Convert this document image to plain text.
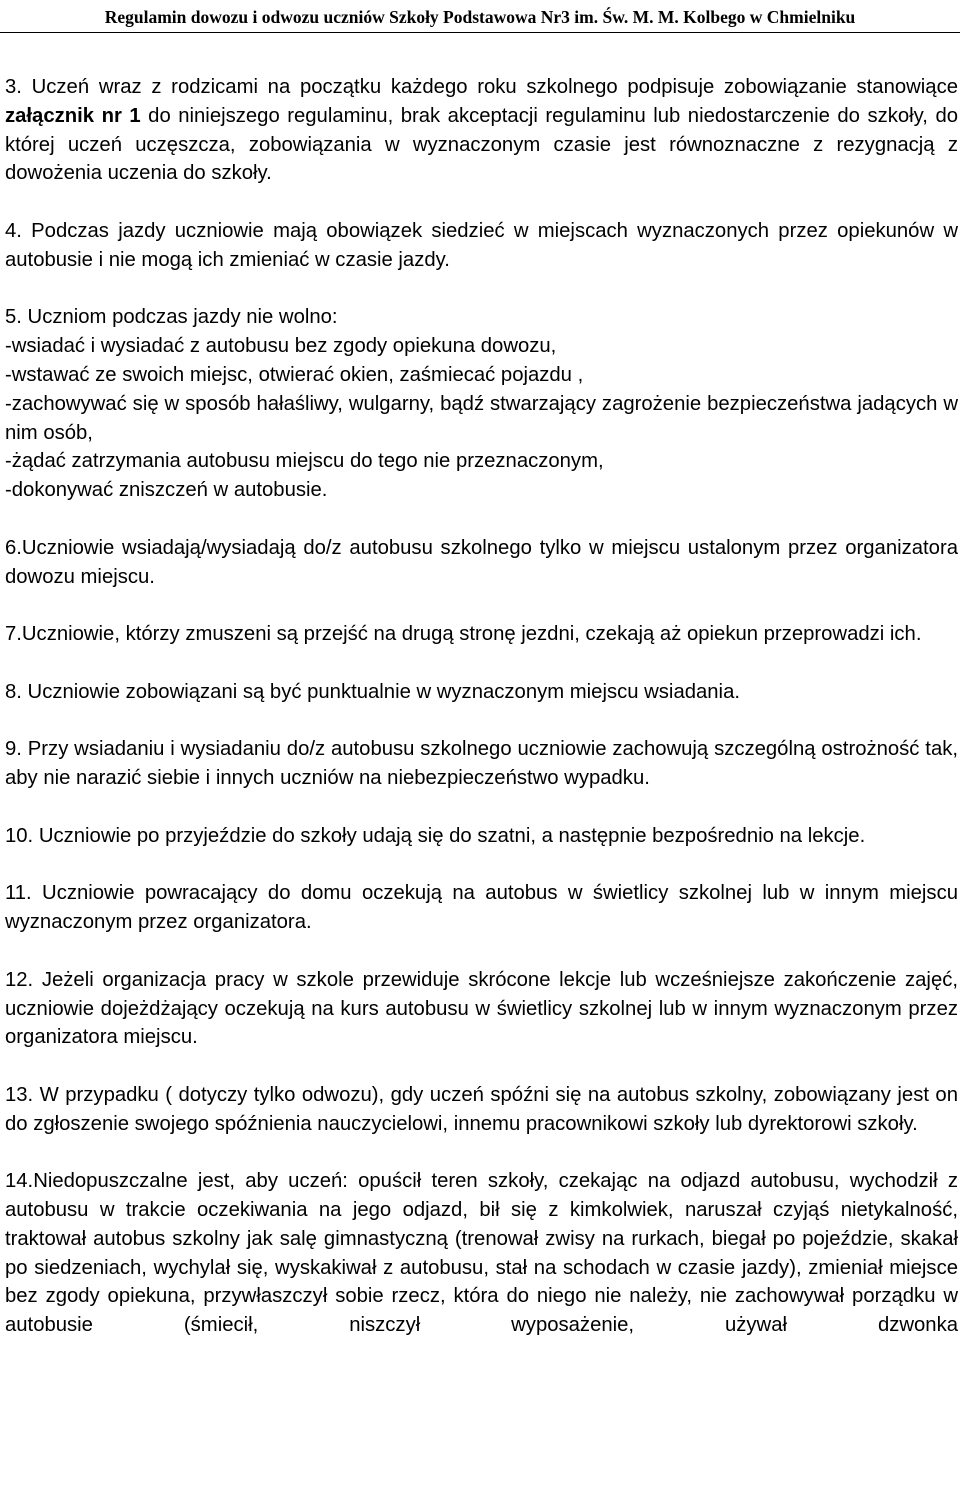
Regulamin dowozu i odwozu uczniów Szkoły Podstawowa Nr3 im. Św. M. M. Kolbego w Chmielniku

3. Uczeń wraz z rodzicami na początku każdego roku szkolnego podpisuje zobowiązanie stanowiące załącznik nr 1 do niniejszego regulaminu, brak akceptacji regulaminu lub niedostarczenie do szkoły, do której uczeń uczęszcza, zobowiązania w wyznaczonym czasie jest równoznaczne z rezygnacją z dowożenia uczenia do szkoły.

4. Podczas jazdy uczniowie mają obowiązek siedzieć w miejscach wyznaczonych przez opiekunów w autobusie i nie mogą ich zmieniać w czasie jazdy.

5. Uczniom podczas jazdy nie wolno:
-wsiadać i wysiadać z autobusu bez zgody opiekuna dowozu,
-wstawać ze swoich miejsc, otwierać okien, zaśmiecać pojazdu ,
-zachowywać się w sposób hałaśliwy, wulgarny, bądź stwarzający zagrożenie bezpieczeństwa jadących w nim osób,
-żądać zatrzymania autobusu miejscu do tego nie przeznaczonym,
-dokonywać zniszczeń w autobusie.

6.Uczniowie wsiadają/wysiadają do/z autobusu szkolnego tylko w miejscu ustalonym przez organizatora dowozu miejscu.

7.Uczniowie, którzy zmuszeni są przejść na drugą stronę jezdni, czekają aż opiekun przeprowadzi ich.

8. Uczniowie zobowiązani są być punktualnie w wyznaczonym miejscu wsiadania.

9. Przy wsiadaniu i wysiadaniu do/z autobusu szkolnego uczniowie zachowują szczególną ostrożność tak, aby nie narazić siebie i innych uczniów na niebezpieczeństwo wypadku.

10. Uczniowie po przyjeździe do szkoły udają się do szatni, a następnie bezpośrednio na lekcje.

11. Uczniowie powracający do domu oczekują na autobus w świetlicy szkolnej lub w innym miejscu wyznaczonym przez organizatora.

12. Jeżeli organizacja pracy w szkole przewiduje skrócone lekcje lub wcześniejsze zakończenie zajęć, uczniowie dojeżdżający oczekują na kurs autobusu w świetlicy szkolnej lub w innym wyznaczonym przez organizatora miejscu.

13. W przypadku ( dotyczy tylko odwozu), gdy uczeń spóźni się na autobus szkolny, zobowiązany jest on do zgłoszenie swojego spóźnienia nauczycielowi, innemu pracownikowi szkoły lub dyrektorowi szkoły.

14.Niedopuszczalne jest, aby uczeń: opuścił teren szkoły, czekając na odjazd autobusu, wychodził z autobusu w trakcie oczekiwania na jego odjazd, bił się z kimkolwiek, naruszał czyjąś nietykalność, traktował autobus szkolny jak salę gimnastyczną (trenował zwisy na rurkach, biegał po pojeździe, skakał po siedzeniach, wychylał się, wyskakiwał z autobusu, stał na schodach w czasie jazdy), zmieniał miejsce bez zgody opiekuna, przywłaszczył sobie rzecz, która do niego nie należy, nie zachowywał porządku w autobusie (śmiecił, niszczył wyposażenie, używał dzwonka
